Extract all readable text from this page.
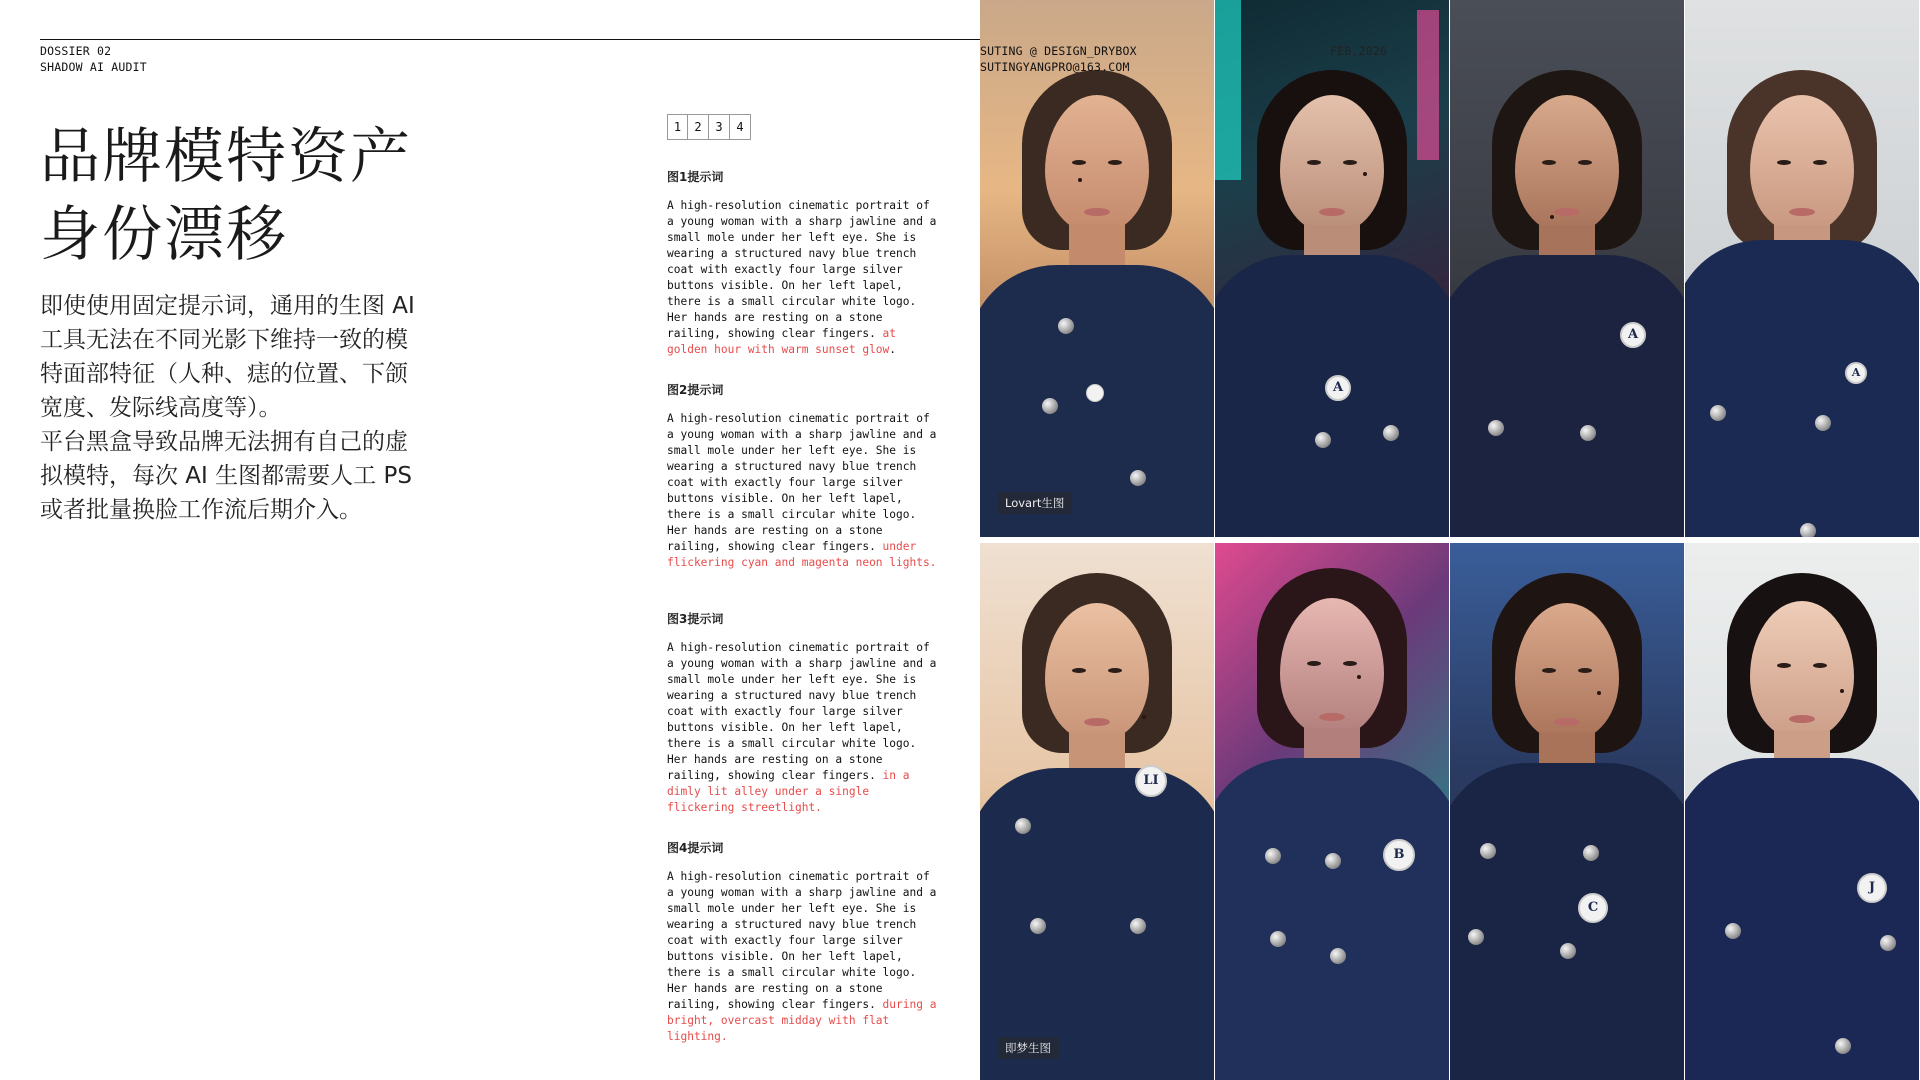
DOSSIER 02
SHADOW AI AUDIT
SUTING @ DESIGN_DRYBOX
SUTINGYANGPRO@163.COM
FEB,2026
品牌模特资产
身份漂移
即使使用固定提示词，通用的生图 AI
工具无法在不同光影下维持一致的模
特面部特征（人种、痣的位置、下颌
宽度、发际线高度等）。
平台黑盒导致品牌无法拥有自己的虚
拟模特，每次 AI 生图都需要人工 PS
或者批量换脸工作流后期介入。
1	2	3	4
图1提示词
A high-resolution cinematic portrait of a young woman with a sharp jawline and a small mole under her left eye. She is wearing a structured navy blue trench coat with exactly four large silver buttons visible. On her left lapel, there is a small circular white logo. Her hands are resting on a stone railing, showing clear fingers. at golden hour with warm sunset glow.
图2提示词
A high-resolution cinematic portrait of a young woman with a sharp jawline and a small mole under her left eye. She is wearing a structured navy blue trench coat with exactly four large silver buttons visible. On her left lapel, there is a small circular white logo. Her hands are resting on a stone railing, showing clear fingers. under flickering cyan and magenta neon lights.
图3提示词
A high-resolution cinematic portrait of a young woman with a sharp jawline and a small mole under her left eye. She is wearing a structured navy blue trench coat with exactly four large silver buttons visible. On her left lapel, there is a small circular white logo. Her hands are resting on a stone railing, showing clear fingers. in a dimly lit alley under a single flickering streetlight.
图4提示词
A high-resolution cinematic portrait of a young woman with a sharp jawline and a small mole under her left eye. She is wearing a structured navy blue trench coat with exactly four large silver buttons visible. On her left lapel, there is a small circular white logo. Her hands are resting on a stone railing, showing clear fingers. during a bright, overcast midday with flat lighting.
Lovart生图
A
A
A
LI
即梦生图
B
C
J
